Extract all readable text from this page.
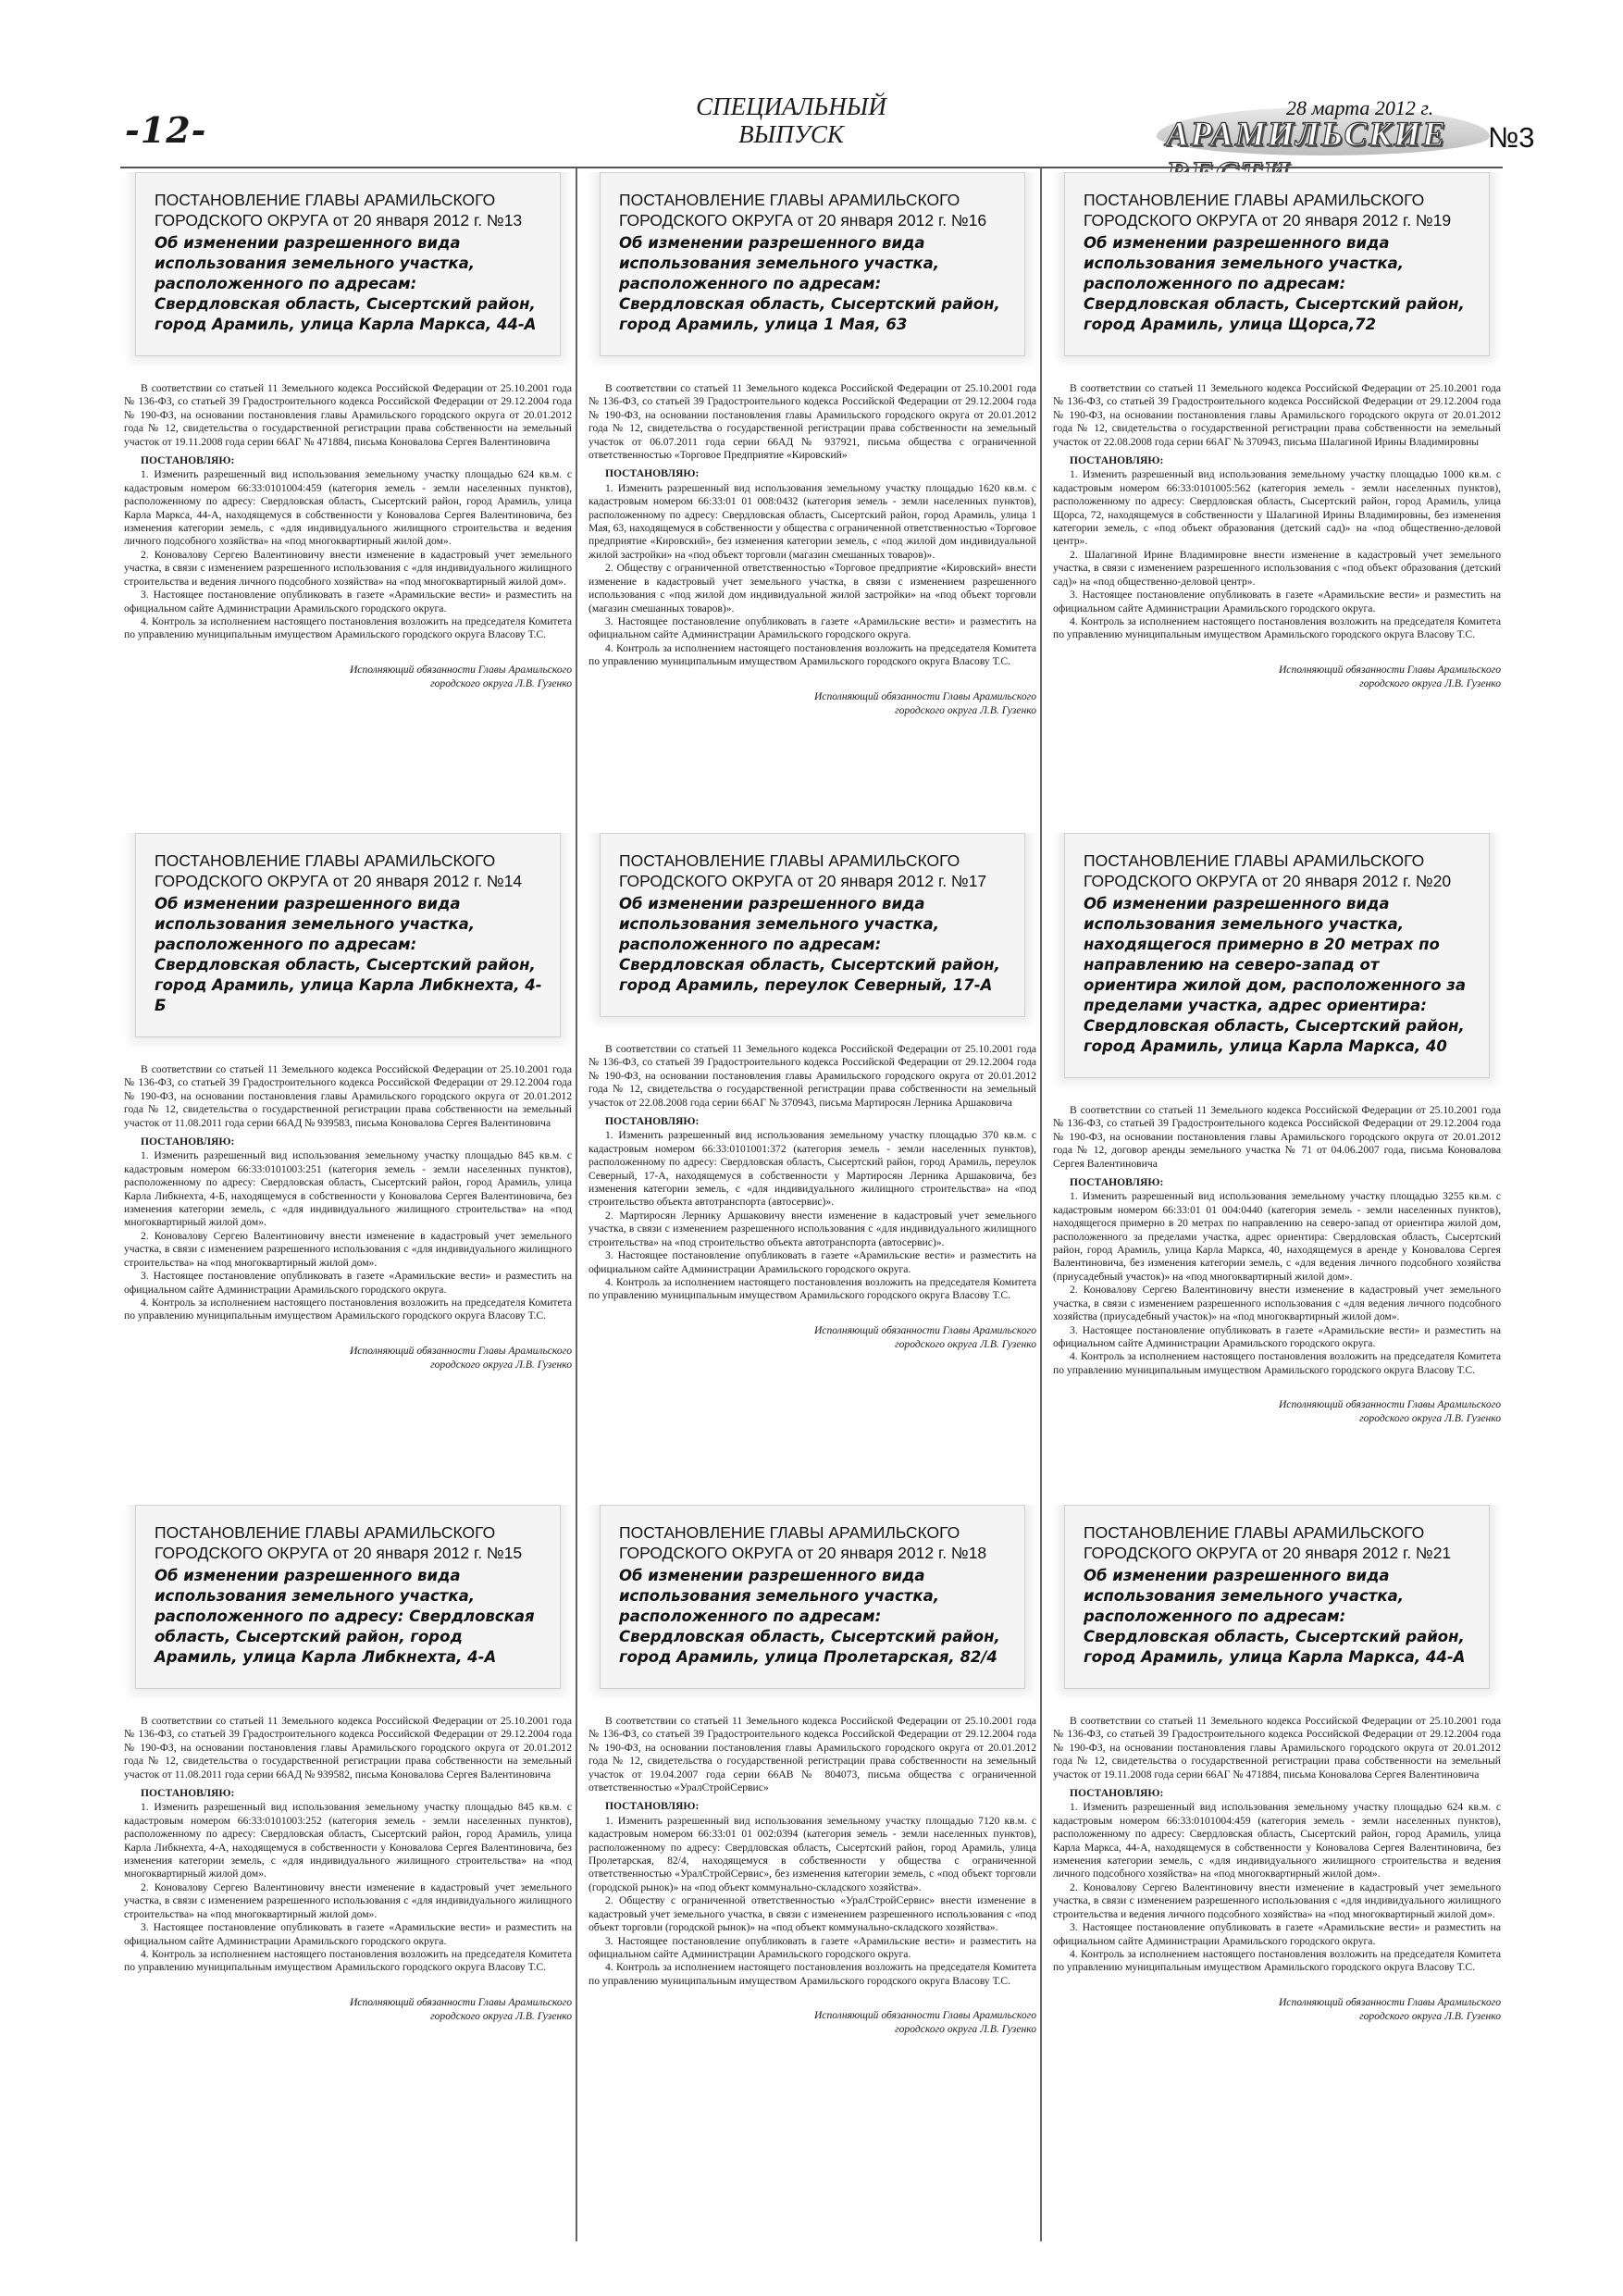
-12-
СПЕЦИАЛЬНЫЙ
ВЫПУСК
28 марта 2012 г.
АРАМИЛЬСКИЕ	№3
ПОСТАНОВЛЕНИЕ ГЛАВЫ АРАМИЛЬСКОГО
ГОРОДСКОГО ОКРУГА от 20 января 2012 г. №13
Об изменении разрешенного вида использования земельного участка, расположенного по адресам: Свердловская область, Сысертский район, город Арамиль, улица Карла Маркса, 44-А

В соответствии со статьей 11 Земельного кодекса Российской Федерации от 25.10.2001 года № 136-ФЗ, со статьей 39 Градостроительного кодекса Российской Федерации от 29.12.2004 года № 190-ФЗ, на основании постановления главы Арамильского городского округа от 20.01.2012 года № 12, свидетельства о государственной регистрации права собственности на земельный участок от 19.11.2008 года серии 66АГ № 471884, письма Коновалова Сергея Валентиновича

ПОСТАНОВЛЯЮ:

1. Изменить разрешенный вид использования земельному участку площадью 624 кв.м. с кадастровым номером 66:33:0101004:459 (категория земель - земли населенных пунктов), расположенному по адресу: Свердловская область, Сысертский район, город Арамиль, улица Карла Маркса, 44-А, находящемуся в собственности у Коновалова Сергея Валентиновича, без изменения категории земель, с «для индивидуального жилищного строительства и ведения личного подсобного хозяйства» на «под многоквартирный жилой дом».

2. Коновалову Сергею Валентиновичу внести изменение в кадастровый учет земельного участка, в связи с изменением разрешенного использования с «для индивидуального жилищного строительства и ведения личного подсобного хозяйства» на «под многоквартирный жилой дом».

3. Настоящее постановление опубликовать в газете «Арамильские вести» и разместить на официальном сайте Администрации Арамильского городского округа.

4. Контроль за исполнением настоящего постановления возложить на председателя Комитета по управлению муниципальным имуществом Арамильского городского округа Власову Т.С.

Исполняющий обязанности Главы Арамильского
городского округа Л.В. Гузенко
ПОСТАНОВЛЕНИЕ ГЛАВЫ АРАМИЛЬСКОГО
ГОРОДСКОГО ОКРУГА от 20 января 2012 г. №16
Об изменении разрешенного вида использования земельного участка, расположенного по адресам: Свердловская область, Сысертский район, город Арамиль, улица 1 Мая, 63

В соответствии со статьей 11 Земельного кодекса Российской Федерации от 25.10.2001 года № 136-ФЗ, со статьей 39 Градостроительного кодекса Российской Федерации от 29.12.2004 года № 190-ФЗ, на основании постановления главы Арамильского городского округа от 20.01.2012 года № 12, свидетельства о государственной регистрации права собственности на земельный участок от 06.07.2011 года серии 66АД № 937921, письма общества с ограниченной ответственностью «Торговое Предприятие «Кировский»

ПОСТАНОВЛЯЮ:

1. Изменить разрешенный вид использования земельному участку площадью 1620 кв.м. с кадастровым номером 66:33:01 01 008:0432 (категория земель - земли населенных пунктов), расположенному по адресу: Свердловская область, Сысертский район, город Арамиль, улица 1 Мая, 63, находящемуся в собственности у общества с ограниченной ответственностью «Торговое предприятие «Кировский», без изменения категории земель, с «под жилой дом индивидуальной жилой застройки» на «под объект торговли (магазин смешанных товаров)».

2. Обществу с ограниченной ответственностью «Торговое предприятие «Кировский» внести изменение в кадастровый учет земельного участка, в связи с изменением разрешенного использования с «под жилой дом индивидуальной жилой застройки» на «под объект торговли (магазин смешанных товаров)».

3. Настоящее постановление опубликовать в газете «Арамильские вести» и разместить на официальном сайте Администрации Арамильского городского округа.

4. Контроль за исполнением настоящего постановления возложить на председателя Комитета по управлению муниципальным имуществом Арамильского городского округа Власову Т.С.

Исполняющий обязанности Главы Арамильского
городского округа Л.В. Гузенко
ПОСТАНОВЛЕНИЕ ГЛАВЫ АРАМИЛЬСКОГО
ГОРОДСКОГО ОКРУГА от 20 января 2012 г. №19
Об изменении разрешенного вида использования земельного участка, расположенного по адресам: Свердловская область, Сысертский район, город Арамиль, улица Щорса,72

В соответствии со статьей 11 Земельного кодекса Российской Федерации от 25.10.2001 года № 136-ФЗ, со статьей 39 Градостроительного кодекса Российской Федерации от 29.12.2004 года № 190-ФЗ, на основании постановления главы Арамильского городского округа от 20.01.2012 года № 12, свидетельства о государственной регистрации права собственности на земельный участок от 22.08.2008 года серии 66АГ № 370943, письма Шалагиной Ирины Владимировны

ПОСТАНОВЛЯЮ:

1. Изменить разрешенный вид использования земельному участку площадью 1000 кв.м. с кадастровым номером 66:33:0101005:562 (категория земель - земли населенных пунктов), расположенному по адресу: Свердловская область, Сысертский район, город Арамиль, улица Щорса, 72, находящемуся в собственности у Шалагиной Ирины Владимировны, без изменения категории земель, с «под объект образования (детский сад)» на «под общественно-деловой центр».

2. Шалагиной Ирине Владимировне внести изменение в кадастровый учет земельного участка, в связи с изменением разрешенного использования с «под объект образования (детский сад)» на «под общественно-деловой центр».

3. Настоящее постановление опубликовать в газете «Арамильские вести» и разместить на официальном сайте Администрации Арамильского городского округа.

4. Контроль за исполнением настоящего постановления возложить на председателя Комитета по управлению муниципальным имуществом Арамильского городского округа Власову Т.С.

Исполняющий обязанности Главы Арамильского
городского округа Л.В. Гузенко
ПОСТАНОВЛЕНИЕ ГЛАВЫ АРАМИЛЬСКОГО
ГОРОДСКОГО ОКРУГА от 20 января 2012 г. №14
Об изменении разрешенного вида использования земельного участка, расположенного по адресам: Свердловская область, Сысертский район, город Арамиль, улица Карла Либкнехта, 4-Б

В соответствии со статьей 11 Земельного кодекса Российской Федерации от 25.10.2001 года № 136-ФЗ, со статьей 39 Градостроительного кодекса Российской Федерации от 29.12.2004 года № 190-ФЗ, на основании постановления главы Арамильского городского округа от 20.01.2012 года № 12, свидетельства о государственной регистрации права собственности на земельный участок от 11.08.2011 года серии 66АД № 939583, письма Коновалова Сергея Валентиновича

ПОСТАНОВЛЯЮ:

1. Изменить разрешенный вид использования земельному участку площадью 845 кв.м. с кадастровым номером 66:33:0101003:251 (категория земель - земли населенных пунктов), расположенному по адресу: Свердловская область, Сысертский район, город Арамиль, улица Карла Либкнехта, 4-Б, находящемуся в собственности у Коновалова Сергея Валентиновича, без изменения категории земель, с «для индивидуального жилищного строительства» на «под многоквартирный жилой дом».

2. Коновалову Сергею Валентиновичу внести изменение в кадастровый учет земельного участка, в связи с изменением разрешенного использования с «для индивидуального жилищного строительства» на «под многоквартирный жилой дом».

3. Настоящее постановление опубликовать в газете «Арамильские вести» и разместить на официальном сайте Администрации Арамильского городского округа.

4. Контроль за исполнением настоящего постановления возложить на председателя Комитета по управлению муниципальным имуществом Арамильского городского округа Власову Т.С.

Исполняющий обязанности Главы Арамильского
городского округа Л.В. Гузенко
ПОСТАНОВЛЕНИЕ ГЛАВЫ АРАМИЛЬСКОГО
ГОРОДСКОГО ОКРУГА от 20 января 2012 г. №17
Об изменении разрешенного вида использования земельного участка, расположенного по адресам: Свердловская область, Сысертский район, город Арамиль, переулок Северный, 17-А

В соответствии со статьей 11 Земельного кодекса Российской Федерации от 25.10.2001 года № 136-ФЗ, со статьей 39 Градостроительного кодекса Российской Федерации от 29.12.2004 года № 190-ФЗ, на основании постановления главы Арамильского городского округа от 20.01.2012 года № 12, свидетельства о государственной регистрации права собственности на земельный участок от 22.08.2008 года серии 66АГ № 370943, письма Мартиросян Лерника Аршаковича

ПОСТАНОВЛЯЮ:

1. Изменить разрешенный вид использования земельному участку площадью 370 кв.м. с кадастровым номером 66:33:0101001:372 (категория земель - земли населенных пунктов), расположенному по адресу: Свердловская область, Сысертский район, город Арамиль, переулок Северный, 17-А, находящемуся в собственности у Мартиросян Лерника Аршаковича, без изменения категории земель, с «для индивидуального жилищного строительства» на «под строительство объекта автотранспорта (автосервис)».

2. Мартиросян Лернику Аршаковичу внести изменение в кадастровый учет земельного участка, в связи с изменением разрешенного использования с «для индивидуального жилищного строительства» на «под строительство объекта автотранспорта (автосервис)».

3. Настоящее постановление опубликовать в газете «Арамильские вести» и разместить на официальном сайте Администрации Арамильского городского округа.

4. Контроль за исполнением настоящего постановления возложить на председателя Комитета по управлению муниципальным имуществом Арамильского городского округа Власову Т.С.

Исполняющий обязанности Главы Арамильского
городского округа Л.В. Гузенко
ПОСТАНОВЛЕНИЕ ГЛАВЫ АРАМИЛЬСКОГО
ГОРОДСКОГО ОКРУГА от 20 января 2012 г. №20
Об изменении разрешенного вида использования земельного участка, находящегося примерно в 20 метрах по направлению на северо-запад от ориентира жилой дом, расположенного за пределами участка, адрес ориентира: Свердловская область, Сысертский район, город Арамиль, улица Карла Маркса, 40

В соответствии со статьей 11 Земельного кодекса Российской Федерации от 25.10.2001 года № 136-ФЗ, со статьей 39 Градостроительного кодекса Российской Федерации от 29.12.2004 года № 190-ФЗ, на основании постановления главы Арамильского городского округа от 20.01.2012 года № 12, договор аренды земельного участка № 71 от 04.06.2007 года, письма Коновалова Сергея Валентиновича

ПОСТАНОВЛЯЮ:

1. Изменить разрешенный вид использования земельному участку площадью 3255 кв.м. с кадастровым номером 66:33:01 01 004:0440 (категория земель - земли населенных пунктов), находящегося примерно в 20 метрах по направлению на северо-запад от ориентира жилой дом, расположенного за пределами участка, адрес ориентира: Свердловская область, Сысертский район, город Арамиль, улица Карла Маркса, 40, находящемуся в аренде у Коновалова Сергея Валентиновича, без изменения категории земель, с «для ведения личного подсобного хозяйства (приусадебный участок)» на «под многоквартирный жилой дом».

2. Коновалову Сергею Валентиновичу внести изменение в кадастровый учет земельного участка, в связи с изменением разрешенного использования с «для ведения личного подсобного хозяйства (приусадебный участок)» на «под многоквартирный жилой дом».

3. Настоящее постановление опубликовать в газете «Арамильские вести» и разместить на официальном сайте Администрации Арамильского городского округа.

4. Контроль за исполнением настоящего постановления возложить на председателя Комитета по управлению муниципальным имуществом Арамильского городского округа Власову Т.С.

Исполняющий обязанности Главы Арамильского
городского округа Л.В. Гузенко
ПОСТАНОВЛЕНИЕ ГЛАВЫ АРАМИЛЬСКОГО
ГОРОДСКОГО ОКРУГА от 20 января 2012 г. №15
Об изменении разрешенного вида использования земельного участка, расположенного по адресу: Свердловская область, Сысертский район, город Арамиль, улица Карла Либкнехта, 4-А

В соответствии со статьей 11 Земельного кодекса Российской Федерации от 25.10.2001 года № 136-ФЗ, со статьей 39 Градостроительного кодекса Российской Федерации от 29.12.2004 года № 190-ФЗ, на основании постановления главы Арамильского городского округа от 20.01.2012 года № 12, свидетельства о государственной регистрации права собственности на земельный участок от 11.08.2011 года серии 66АД № 939582, письма Коновалова Сергея Валентиновича

ПОСТАНОВЛЯЮ:

1. Изменить разрешенный вид использования земельному участку площадью 845 кв.м. с кадастровым номером 66:33:0101003:252 (категория земель - земли населенных пунктов), расположенному по адресу: Свердловская область, Сысертский район, город Арамиль, улица Карла Либкнехта, 4-А, находящемуся в собственности у Коновалова Сергея Валентиновича, без изменения категории земель, с «для индивидуального жилищного строительства» на «под многоквартирный жилой дом».

2. Коновалову Сергею Валентиновичу внести изменение в кадастровый учет земельного участка, в связи с изменением разрешенного использования с «для индивидуального жилищного строительства» на «под многоквартирный жилой дом».

3. Настоящее постановление опубликовать в газете «Арамильские вести» и разместить на официальном сайте Администрации Арамильского городского округа.

4. Контроль за исполнением настоящего постановления возложить на председателя Комитета по управлению муниципальным имуществом Арамильского городского округа Власову Т.С.

Исполняющий обязанности Главы Арамильского
городского округа Л.В. Гузенко
ПОСТАНОВЛЕНИЕ ГЛАВЫ АРАМИЛЬСКОГО
ГОРОДСКОГО ОКРУГА от 20 января 2012 г. №18
Об изменении разрешенного вида использования земельного участка, расположенного по адресам: Свердловская область, Сысертский район, город Арамиль, улица Пролетарская, 82/4

В соответствии со статьей 11 Земельного кодекса Российской Федерации от 25.10.2001 года № 136-ФЗ, со статьей 39 Градостроительного кодекса Российской Федерации от 29.12.2004 года № 190-ФЗ, на основании постановления главы Арамильского городского округа от 20.01.2012 года № 12, свидетельства о государственной регистрации права собственности на земельный участок от 19.04.2007 года серии 66АВ № 804073, письма общества с ограниченной ответственностью «УралСтройСервис»

ПОСТАНОВЛЯЮ:

1. Изменить разрешенный вид использования земельному участку площадью 7120 кв.м. с кадастровым номером 66:33:01 01 002:0394 (категория земель - земли населенных пунктов), расположенному по адресу: Свердловская область, Сысертский район, город Арамиль, улица Пролетарская, 82/4, находящемуся в собственности у общества с ограниченной ответственностью «УралСтройСервис», без изменения категории земель, с «под объект торговли (городской рынок)» на «под объект коммунально-складского хозяйства».

2. Обществу с ограниченной ответственностью «УралСтройСервис» внести изменение в кадастровый учет земельного участка, в связи с изменением разрешенного использования с «под объект торговли (городской рынок)» на «под объект коммунально-складского хозяйства».

3. Настоящее постановление опубликовать в газете «Арамильские вести» и разместить на официальном сайте Администрации Арамильского городского округа.

4. Контроль за исполнением настоящего постановления возложить на председателя Комитета по управлению муниципальным имуществом Арамильского городского округа Власову Т.С.

Исполняющий обязанности Главы Арамильского
городского округа Л.В. Гузенко
ПОСТАНОВЛЕНИЕ ГЛАВЫ АРАМИЛЬСКОГО
ГОРОДСКОГО ОКРУГА от 20 января 2012 г. №21
Об изменении разрешенного вида использования земельного участка, расположенного по адресам: Свердловская область, Сысертский район, город Арамиль, улица Карла Маркса, 44-А

В соответствии со статьей 11 Земельного кодекса Российской Федерации от 25.10.2001 года № 136-ФЗ, со статьей 39 Градостроительного кодекса Российской Федерации от 29.12.2004 года № 190-ФЗ, на основании постановления главы Арамильского городского округа от 20.01.2012 года № 12, свидетельства о государственной регистрации права собственности на земельный участок от 19.11.2008 года серии 66АГ № 471884, письма Коновалова Сергея Валентиновича

ПОСТАНОВЛЯЮ:

1. Изменить разрешенный вид использования земельному участку площадью 624 кв.м. с кадастровым номером 66:33:0101004:459 (категория земель - земли населенных пунктов), расположенному по адресу: Свердловская область, Сысертский район, город Арамиль, улица Карла Маркса, 44-А, находящемуся в собственности у Коновалова Сергея Валентиновича, без изменения категории земель, с «для индивидуального жилищного строительства и ведения личного подсобного хозяйства» на «под многоквартирный жилой дом».

2. Коновалову Сергею Валентиновичу внести изменение в кадастровый учет земельного участка, в связи с изменением разрешенного использования с «для индивидуального жилищного строительства и ведения личного подсобного хозяйства» на «под многоквартирный жилой дом».

3. Настоящее постановление опубликовать в газете «Арамильские вести» и разместить на официальном сайте Администрации Арамильского городского округа.

4. Контроль за исполнением настоящего постановления возложить на председателя Комитета по управлению муниципальным имуществом Арамильского городского округа Власову Т.С.

Исполняющий обязанности Главы Арамильского
городского округа Л.В. Гузенко
